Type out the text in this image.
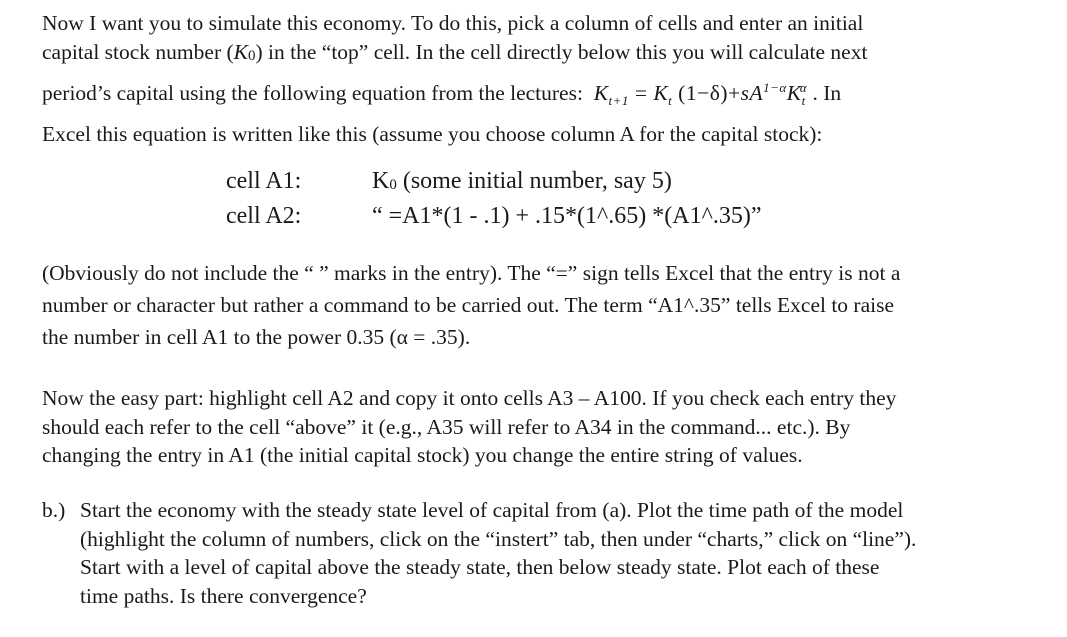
Now I want you to simulate this economy. To do this, pick a column of cells and enter an initial
capital stock number (K0) in the “top” cell. In the cell directly below this you will calculate next
period’s capital using the following equation from the lectures: $K_{t+1} = K_t$ $(1-\delta)+sA^{1-\alpha}K_t^\alpha$ . In
Excel this equation is written like this (assume you choose column A for the capital stock):
cell A1:	K0 (some initial number, say 5)
cell A2:	“ =A1*(1 - .1) + .15*(1^.65) *(A1^.35)”
(Obviously do not include the “ ” marks in the entry). The “=” sign tells Excel that the entry is not a
number or character but rather a command to be carried out. The term “A1^.35” tells Excel to raise
the number in cell A1 to the power 0.35 (α = .35).
Now the easy part: highlight cell A2 and copy it onto cells A3 – A100. If you check each entry they
should each refer to the cell “above” it (e.g., A35 will refer to A34 in the command... etc.). By
changing the entry in A1 (the initial capital stock) you change the entire string of values.
b.) Start the economy with the steady state level of capital from (a). Plot the time path of the model
(highlight the column of numbers, click on the “instert” tab, then under “charts,” click on “line”).
Start with a level of capital above the steady state, then below steady state. Plot each of these
time paths. Is there convergence?
